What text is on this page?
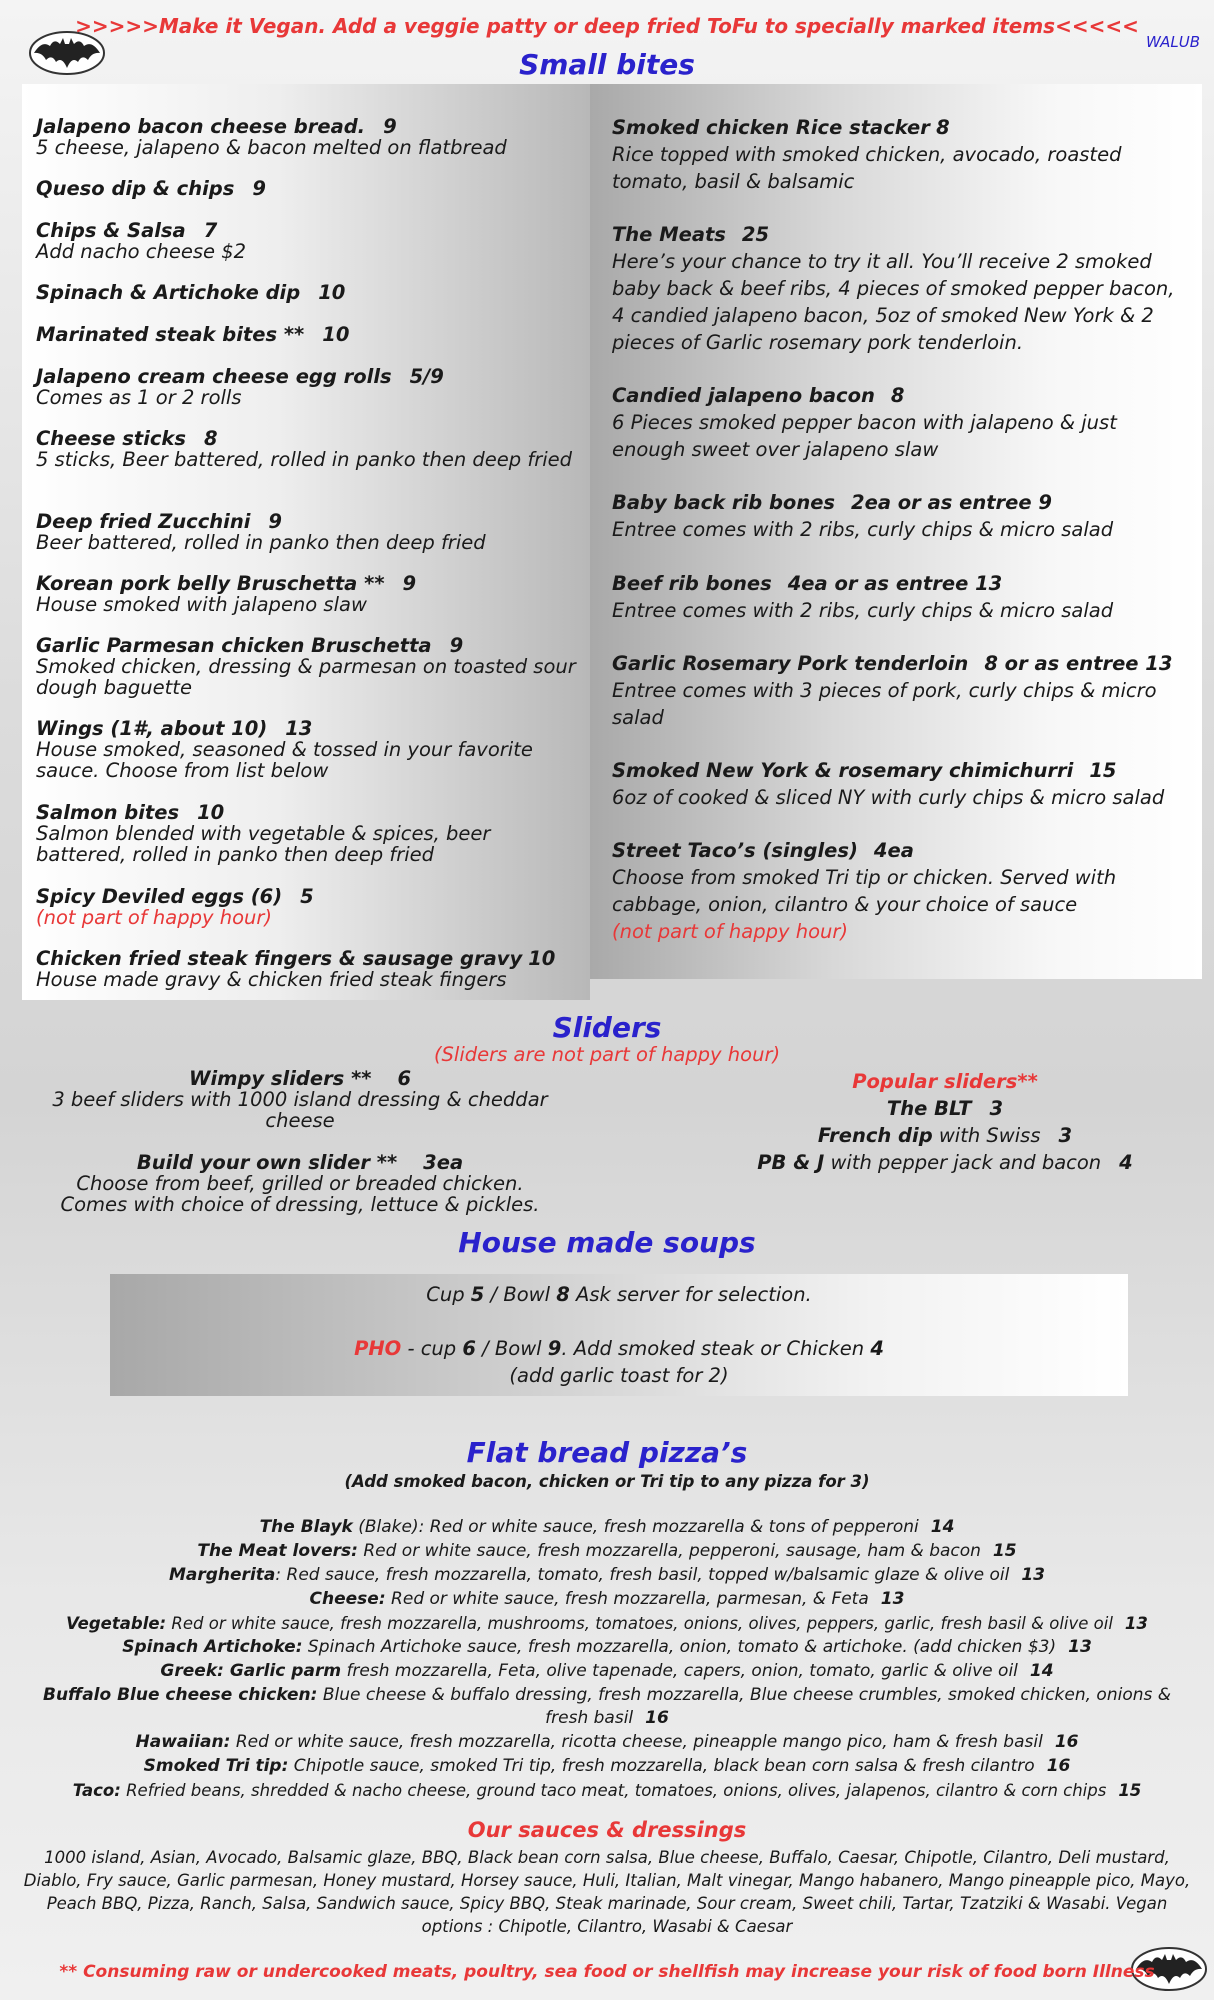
>>>>>Make it Vegan. Add a veggie patty or deep fried ToFu to specially marked items<<<<<
WALUB
Small bites
Jalapeno bacon cheese bread. 9
5 cheese, jalapeno & bacon melted on flatbread
Queso dip & chips 9
Chips & Salsa 7
Add nacho cheese $2
Spinach & Artichoke dip 10
Marinated steak bites ** 10
Jalapeno cream cheese egg rolls 5/9
Comes as 1 or 2 rolls
Cheese sticks 8
5 sticks, Beer battered, rolled in panko then deep fried
Deep fried Zucchini 9
Beer battered, rolled in panko then deep fried
Korean pork belly Bruschetta ** 9
House smoked with jalapeno slaw
Garlic Parmesan chicken Bruschetta 9
Smoked chicken, dressing & parmesan on toasted sour dough baguette
Wings (1#, about 10) 13
House smoked, seasoned & tossed in your favorite sauce. Choose from list below
Salmon bites 10
Salmon blended with vegetable & spices, beer battered, rolled in panko then deep fried
Spicy Deviled eggs (6) 5
(not part of happy hour)
Chicken fried steak fingers & sausage gravy 10
House made gravy & chicken fried steak fingers
Smoked chicken Rice stacker 8
Rice topped with smoked chicken, avocado, roasted tomato, basil & balsamic
The Meats 25
Here’s your chance to try it all. You’ll receive 2 smoked baby back & beef ribs, 4 pieces of smoked pepper bacon, 4 candied jalapeno bacon, 5oz of smoked New York & 2 pieces of Garlic rosemary pork tenderloin.
Candied jalapeno bacon 8
6 Pieces smoked pepper bacon with jalapeno & just enough sweet over jalapeno slaw
Baby back rib bones 2ea or as entree 9
Entree comes with 2 ribs, curly chips & micro salad
Beef rib bones 4ea or as entree 13
Entree comes with 2 ribs, curly chips & micro salad
Garlic Rosemary Pork tenderloin 8 or as entree 13
Entree comes with 3 pieces of pork, curly chips & micro salad
Smoked New York & rosemary chimichurri 15
6oz of cooked & sliced NY with curly chips & micro salad
Street Taco’s (singles) 4ea
Choose from smoked Tri tip or chicken. Served with cabbage, onion, cilantro & your choice of sauce
(not part of happy hour)
Sliders
(Sliders are not part of happy hour)
Wimpy sliders ** 6
3 beef sliders with 1000 island dressing & cheddar cheese
Build your own slider ** 3ea
Choose from beef, grilled or breaded chicken.
Comes with choice of dressing, lettuce & pickles.
Popular sliders**
The BLT 3
French dip with Swiss 3
PB & J with pepper jack and bacon 4
House made soups
Cup 5 / Bowl 8 Ask server for selection.

PHO - cup 6 / Bowl 9. Add smoked steak or Chicken 4
(add garlic toast for 2)
Flat bread pizza’s
(Add smoked bacon, chicken or Tri tip to any pizza for 3)
The Blayk (Blake): Red or white sauce, fresh mozzarella & tons of pepperoni 14
The Meat lovers: Red or white sauce, fresh mozzarella, pepperoni, sausage, ham & bacon 15
Margherita: Red sauce, fresh mozzarella, tomato, fresh basil, topped w/balsamic glaze & olive oil 13
Cheese: Red or white sauce, fresh mozzarella, parmesan, & Feta 13
Vegetable: Red or white sauce, fresh mozzarella, mushrooms, tomatoes, onions, olives, peppers, garlic, fresh basil & olive oil 13
Spinach Artichoke: Spinach Artichoke sauce, fresh mozzarella, onion, tomato & artichoke. (add chicken $3) 13
Greek: Garlic parm fresh mozzarella, Feta, olive tapenade, capers, onion, tomato, garlic & olive oil 14
Buffalo Blue cheese chicken: Blue cheese & buffalo dressing, fresh mozzarella, Blue cheese crumbles, smoked chicken, onions & fresh basil 16
Hawaiian: Red or white sauce, fresh mozzarella, ricotta cheese, pineapple mango pico, ham & fresh basil 16
Smoked Tri tip: Chipotle sauce, smoked Tri tip, fresh mozzarella, black bean corn salsa & fresh cilantro 16
Taco: Refried beans, shredded & nacho cheese, ground taco meat, tomatoes, onions, olives, jalapenos, cilantro & corn chips 15
Our sauces & dressings
1000 island, Asian, Avocado, Balsamic glaze, BBQ, Black bean corn salsa, Blue cheese, Buffalo, Caesar, Chipotle, Cilantro, Deli mustard, Diablo, Fry sauce, Garlic parmesan, Honey mustard, Horsey sauce, Huli, Italian, Malt vinegar, Mango habanero, Mango pineapple pico, Mayo, Peach BBQ, Pizza, Ranch, Salsa, Sandwich sauce, Spicy BBQ, Steak marinade, Sour cream, Sweet chili, Tartar, Tzatziki & Wasabi. Vegan options : Chipotle, Cilantro, Wasabi & Caesar
** Consuming raw or undercooked meats, poultry, sea food or shellfish may increase your risk of food born Illness
